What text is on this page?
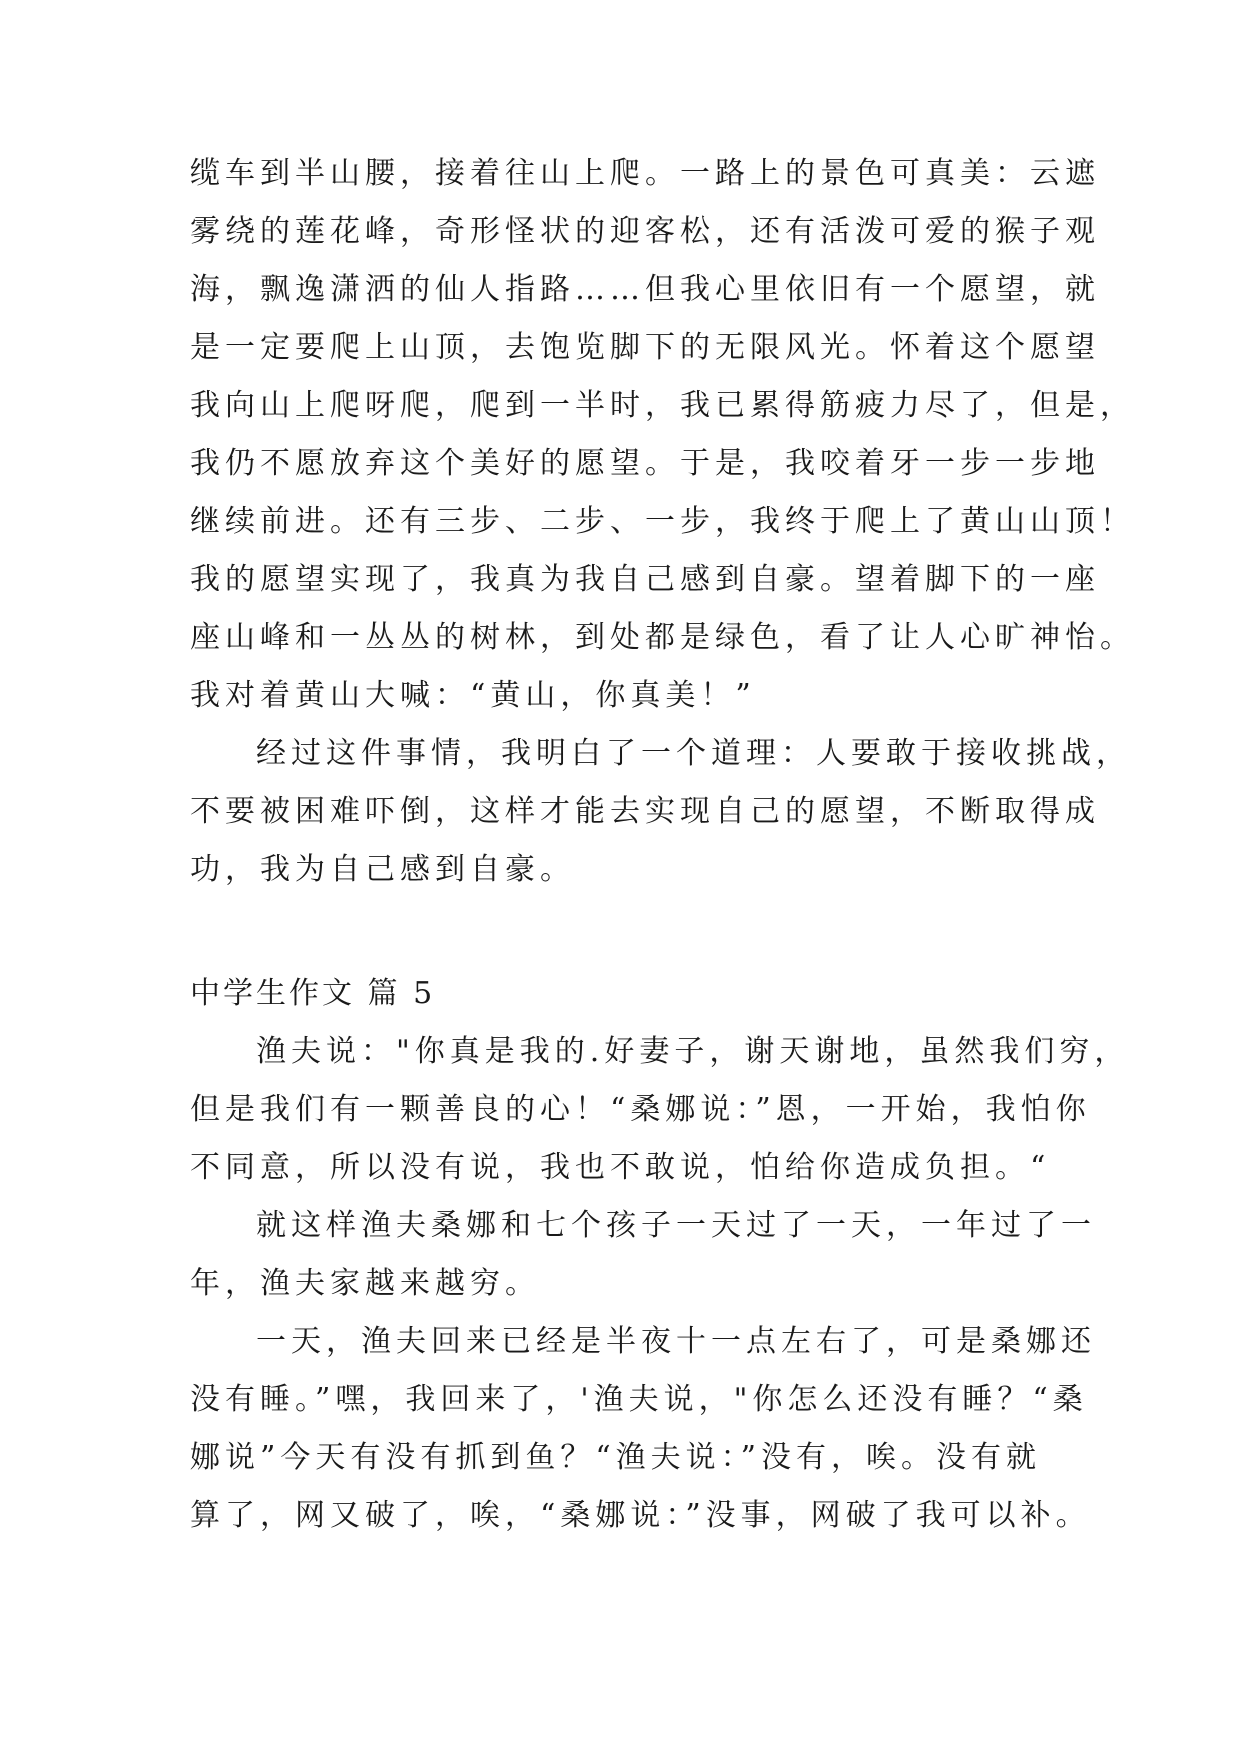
缆车到半山腰，接着往山上爬。一路上的景色可真美：云遮
雾绕的莲花峰，奇形怪状的迎客松，还有活泼可爱的猴子观
海，飘逸潇洒的仙人指路……但我心里依旧有一个愿望，就
是一定要爬上山顶，去饱览脚下的无限风光。怀着这个愿望
我向山上爬呀爬，爬到一半时，我已累得筋疲力尽了，但是，
我仍不愿放弃这个美好的愿望。于是，我咬着牙一步一步地
继续前进。还有三步、二步、一步，我终于爬上了黄山山顶！
我的愿望实现了，我真为我自己感到自豪。望着脚下的一座
座山峰和一丛丛的树林，到处都是绿色，看了让人心旷神怡。
我对着黄山大喊：“黄山，你真美！”
经过这件事情，我明白了一个道理：人要敢于接收挑战，
不要被困难吓倒，这样才能去实现自己的愿望，不断取得成
功，我为自己感到自豪。
中学生作文 篇 5
渔夫说："你真是我的.好妻子，谢天谢地，虽然我们穷，
但是我们有一颗善良的心！“桑娜说：”恩，一开始，我怕你
不同意，所以没有说，我也不敢说，怕给你造成负担。“
就这样渔夫桑娜和七个孩子一天过了一天，一年过了一
年，渔夫家越来越穷。
一天，渔夫回来已经是半夜十一点左右了，可是桑娜还
没有睡。”嘿，我回来了，'渔夫说，"你怎么还没有睡？“桑
娜说”今天有没有抓到鱼？“渔夫说：”没有，唉。没有就
算了，网又破了，唉，“桑娜说：”没事，网破了我可以补。
